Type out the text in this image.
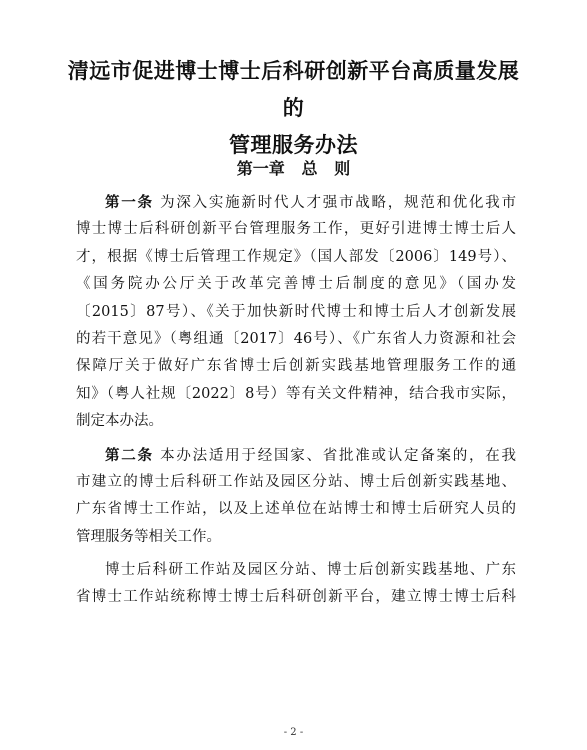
清远市促进博士博士后科研创新平台高质量发展的
管理服务办法
第一章   总   则
第一条 为深入实施新时代人才强市战略，规范和优化我市
博士博士后科研创新平台管理服务工作，更好引进博士博士后人
才，根据《博士后管理工作规定》（国人部发〔2006〕149号）、
《国务院办公厅关于改革完善博士后制度的意见》（国办发
〔2015〕87号）、《关于加快新时代博士和博士后人才创新发展
的若干意见》（粤组通〔2017〕46号）、《广东省人力资源和社会
保障厅关于做好广东省博士后创新实践基地管理服务工作的通
知》（粤人社规〔2022〕8号）等有关文件精神，结合我市实际，
制定本办法。
第二条 本办法适用于经国家、省批准或认定备案的，在我
市建立的博士后科研工作站及园区分站、博士后创新实践基地、
广东省博士工作站，以及上述单位在站博士和博士后研究人员的
管理服务等相关工作。
博士后科研工作站及园区分站、博士后创新实践基地、广东
省博士工作站统称博士博士后科研创新平台，建立博士博士后科
- 2 -
